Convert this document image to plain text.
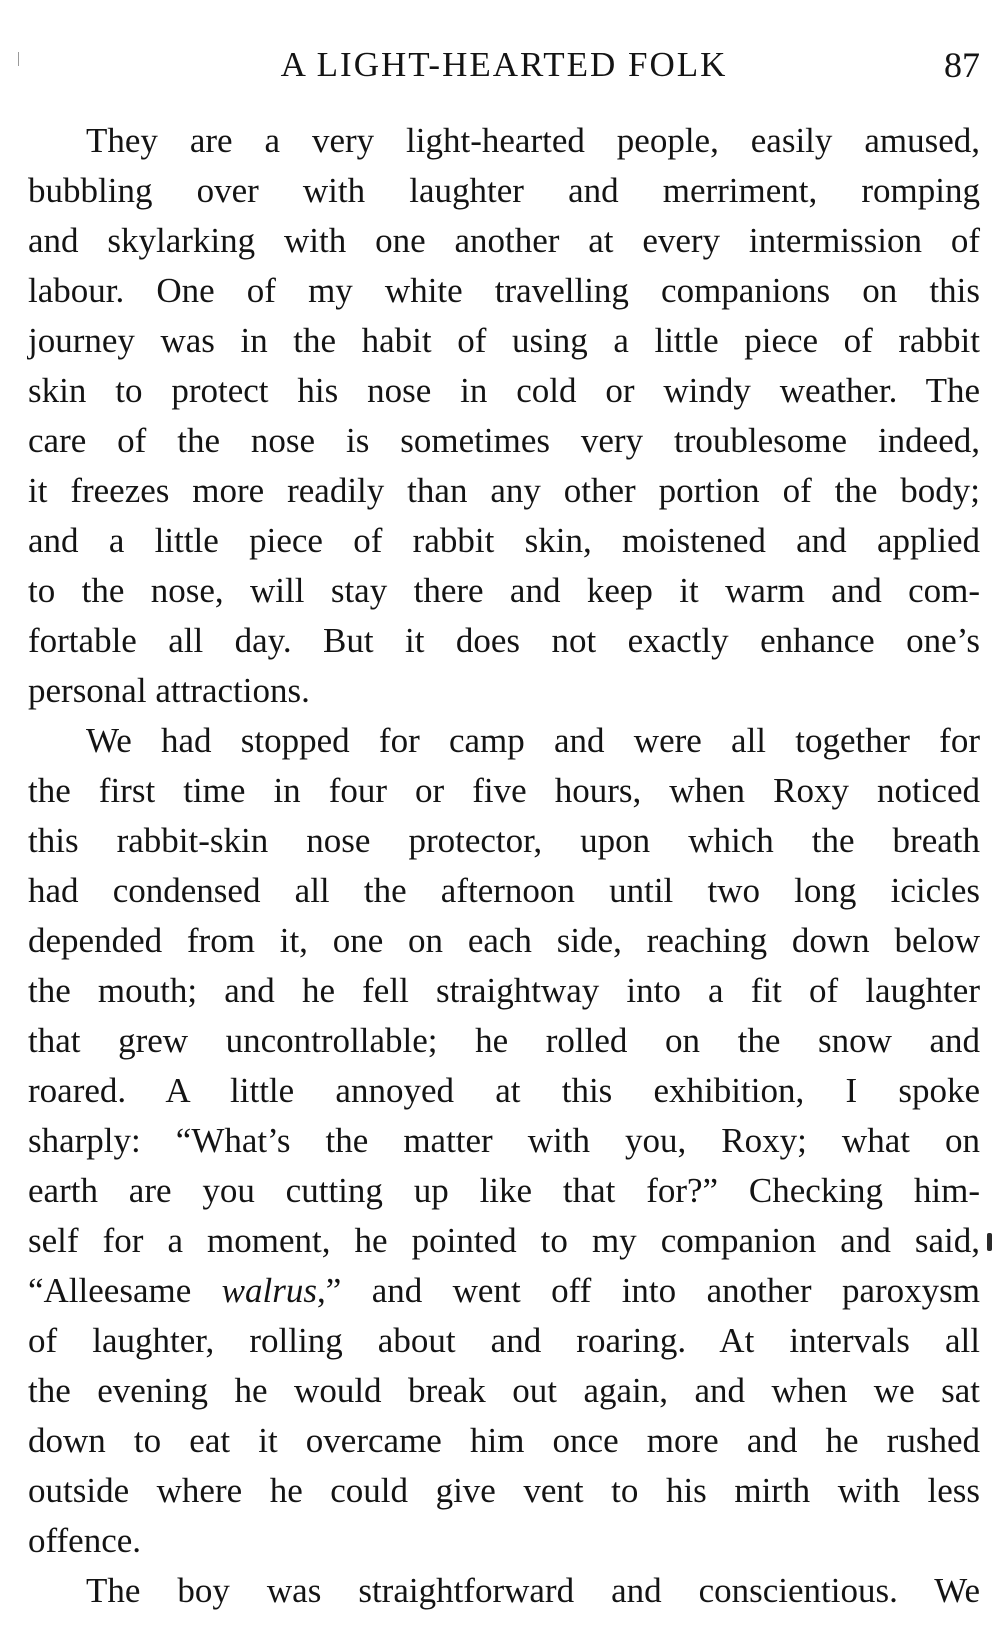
A LIGHT-HEARTED FOLK	87
They are a very light-hearted people, easily amused,
bubbling over with laughter and merriment, romping
and skylarking with one another at every intermission of
labour. One of my white travelling companions on this
journey was in the habit of using a little piece of rabbit
skin to protect his nose in cold or windy weather. The
care of the nose is sometimes very troublesome indeed,
it freezes more readily than any other portion of the body;
and a little piece of rabbit skin, moistened and applied
to the nose, will stay there and keep it warm and com-
fortable all day. But it does not exactly enhance one’s
personal attractions.
We had stopped for camp and were all together for
the first time in four or five hours, when Roxy noticed
this rabbit-skin nose protector, upon which the breath
had condensed all the afternoon until two long icicles
depended from it, one on each side, reaching down below
the mouth; and he fell straightway into a fit of laughter
that grew uncontrollable; he rolled on the snow and
roared. A little annoyed at this exhibition, I spoke
sharply: “What’s the matter with you, Roxy; what on
earth are you cutting up like that for?” Checking him-
self for a moment, he pointed to my companion and said,
“Alleesame walrus,” and went off into another paroxysm
of laughter, rolling about and roaring. At intervals all
the evening he would break out again, and when we sat
down to eat it overcame him once more and he rushed
outside where he could give vent to his mirth with less
offence.
The boy was straightforward and conscientious. We
